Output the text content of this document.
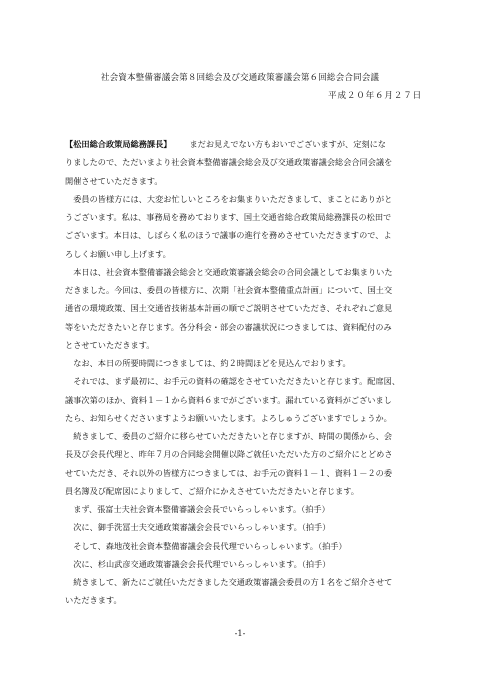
社会資本整備審議会第８回総会及び交通政策審議会第６回総会合同会議
平成２０年６月２７日

【松田総合政策局総務課長】 まだお見えでない方もおいでございますが、定刻にな

りましたので、ただいまより社会資本整備審議会総会及び交通政策審議会総会合同会議を

開催させていただきます。

　委員の皆様方には、大変お忙しいところをお集まりいただきまして、まことにありがと

うございます。私は、事務局を務めております、国土交通省総合政策局総務課長の松田で

ございます。本日は、しばらく私のほうで議事の進行を務めさせていただきますので、よ

ろしくお願い申し上げます。

　本日は、社会資本整備審議会総会と交通政策審議会総会の合同会議としてお集まりいた

だきました。今回は、委員の皆様方に、次期「社会資本整備重点計画」について、国土交

通省の環境政策、国土交通省技術基本計画の順でご説明させていただき、それぞれご意見

等をいただきたいと存じます。各分科会・部会の審議状況につきましては、資料配付のみ

とさせていただきます。

　なお、本日の所要時間につきましては、約２時間ほどを見込んでおります。

　それでは、まず最初に、お手元の資料の確認をさせていただきたいと存じます。配席図、

議事次第のほか、資料１－１から資料６までがございます。漏れている資料がございまし

たら、お知らせくださいますようお願いいたします。よろしゅうございますでしょうか。

　続きまして、委員のご紹介に移らせていただきたいと存じますが、時間の関係から、会

長及び会長代理と、昨年７月の合同総会開催以降ご就任いただいた方のご紹介にとどめさ

せていただき、それ以外の皆様方につきましては、お手元の資料１－１、資料１－２の委

員名簿及び配席図によりまして、ご紹介にかえさせていただきたいと存じます。

　まず、張富士夫社会資本整備審議会会長でいらっしゃいます。（拍手）

　次に、御手洗冨士夫交通政策審議会会長でいらっしゃいます。（拍手）

　そして、森地茂社会資本整備審議会会長代理でいらっしゃいます。（拍手）

　次に、杉山武彦交通政策審議会会長代理でいらっしゃいます。（拍手）

　続きまして、新たにご就任いただきました交通政策審議会委員の方１名をご紹介させて

いただきます。

-1-
